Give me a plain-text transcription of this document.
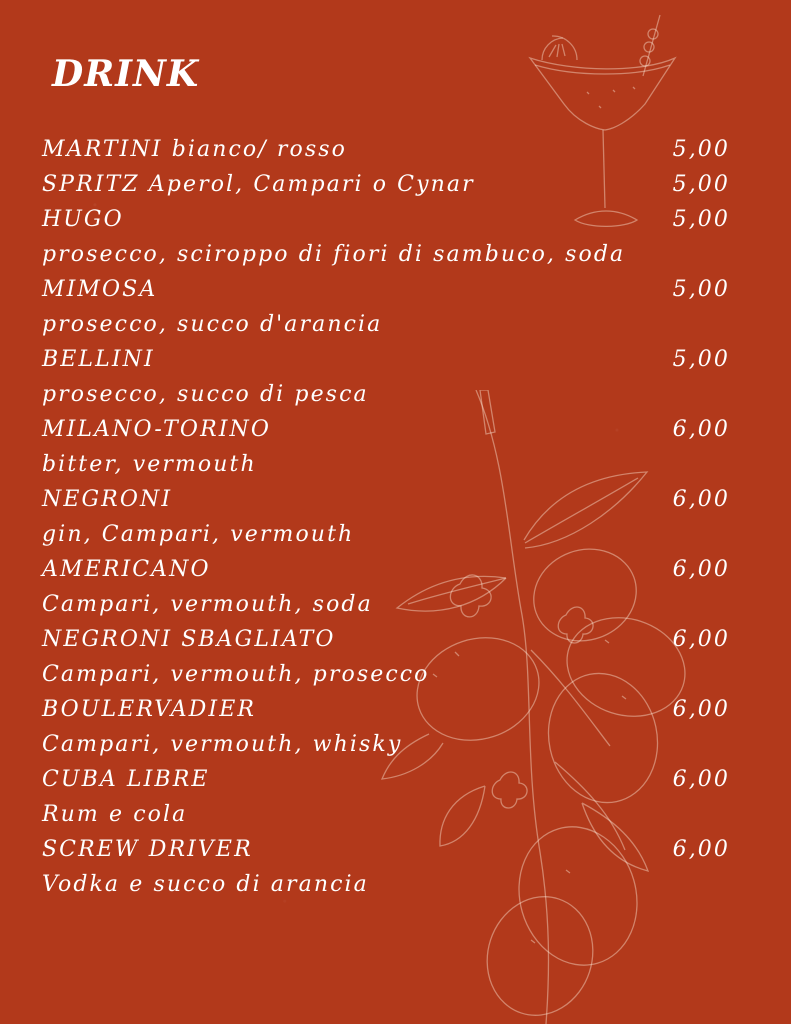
DRINK
MARTINI bianco/ rosso	5,00
SPRITZ Aperol, Campari o Cynar	5,00
HUGO	5,00
prosecco, sciroppo di fiori di sambuco, soda
MIMOSA	5,00
prosecco, succo d'arancia
BELLINI	5,00
prosecco, succo di pesca
MILANO-TORINO	6,00
bitter, vermouth
NEGRONI	6,00
gin, Campari, vermouth
AMERICANO	6,00
Campari, vermouth, soda
NEGRONI SBAGLIATO	6,00
Campari, vermouth, prosecco
BOULERVADIER	6,00
Campari, vermouth, whisky
CUBA LIBRE	6,00
Rum e cola
SCREW DRIVER	6,00
Vodka e succo di arancia
